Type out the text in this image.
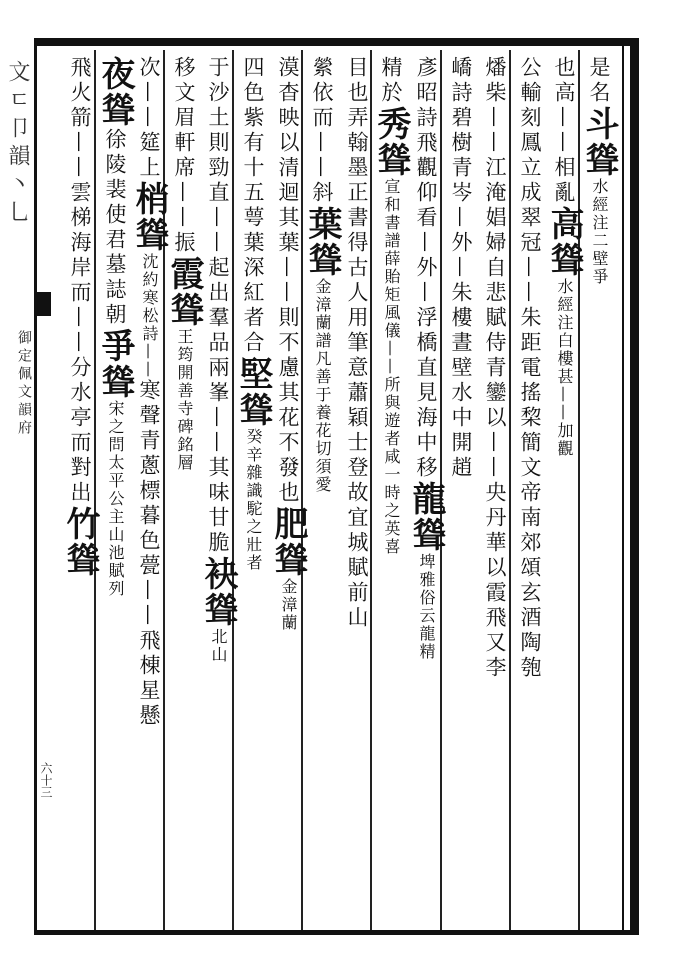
文ㄷ卩韻丶乚
御定佩文韻府
六十三
是名斗聳水經注二壁爭
也高——相亂高聳水經注白樓甚——加觀
公輸刻鳳立成翠冠——朱距電搖棃簡文帝南郊頌玄酒陶匏
燔柴——江淹娼婦自悲賦侍青鑾以——央丹華以霞飛又李
嶠詩碧樹青岑—外—朱樓晝壁水中開趙
彥昭詩飛觀仰看—外—浮橋直見海中移龍聳埤雅俗云龍精
精於秀聳宣和書譜薛貽矩風儀——所與遊者咸一時之英喜
目也弄翰墨正書得古人用筆意蕭穎士登故宜城賦前山
縈依而——斜葉聳金漳蘭譜凡善于養花切須愛
漠杳映以清迴其葉——則不慮其花不發也肥聳金漳蘭
四色紫有十五萼葉深紅者合堅聳癸辛雜識駝之壯者
于沙土則勁直——起出羣品兩峯——其味甘脆袂聳北山
移文眉軒席——振霞聳王筠開善寺碑銘層
次——筵上梢聳沈約寒松詩——寒聲青蔥標暮色甍——飛棟星懸
夜聳徐陵裴使君墓誌朝爭聳宋之問太平公主山池賦列
飛火箭——雲梯海岸而——分水亭而對出竹聳
